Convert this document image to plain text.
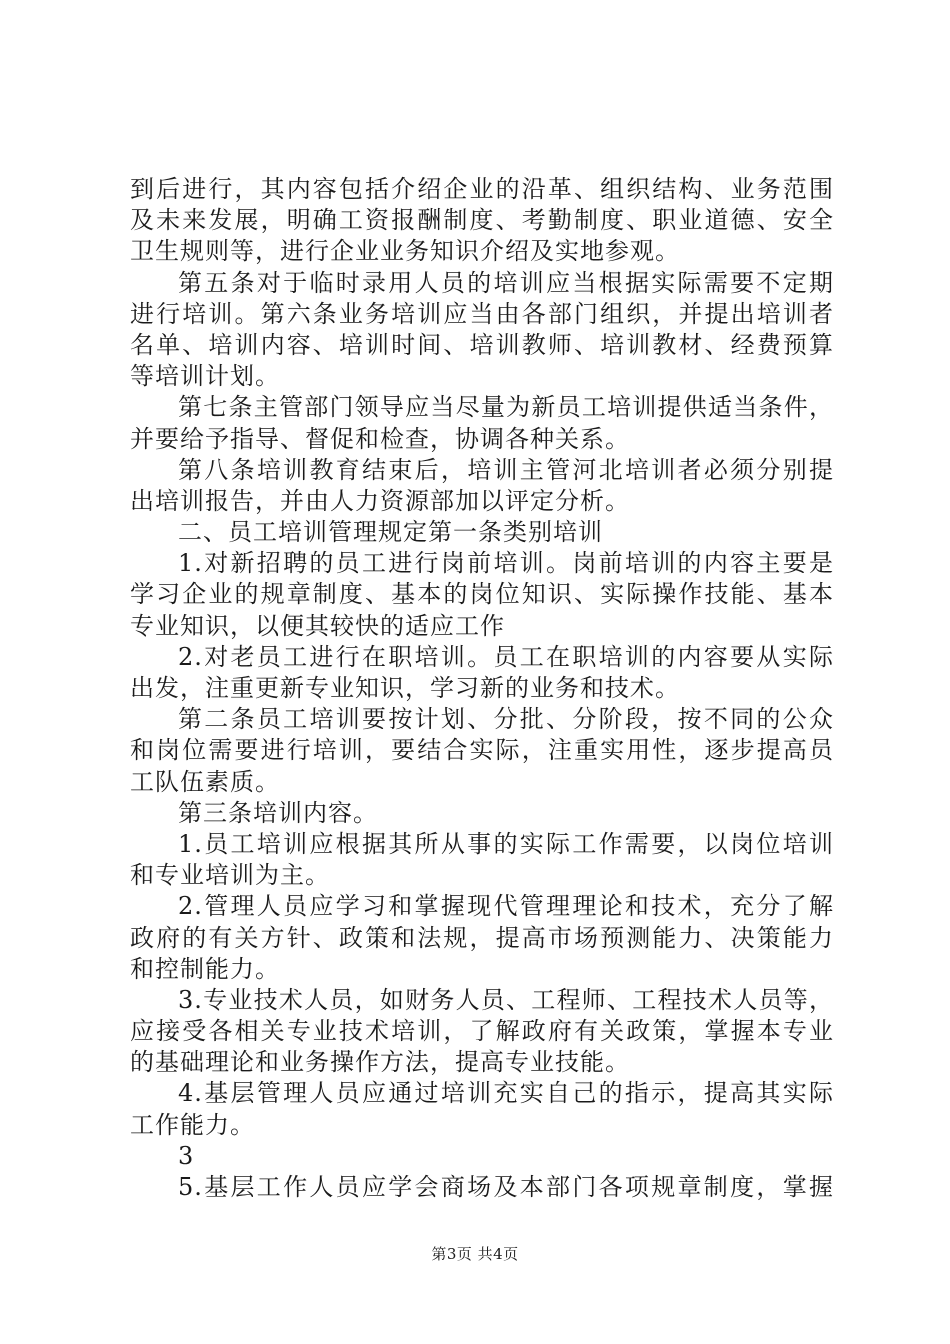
到后进行，其内容包括介绍企业的沿革、组织结构、业务范围
及未来发展，明确工资报酬制度、考勤制度、职业道德、安全
卫生规则等，进行企业业务知识介绍及实地参观。
第五条对于临时录用人员的培训应当根据实际需要不定期
进行培训。第六条业务培训应当由各部门组织，并提出培训者
名单、培训内容、培训时间、培训教师、培训教材、经费预算
等培训计划。
第七条主管部门领导应当尽量为新员工培训提供适当条件，
并要给予指导、督促和检查，协调各种关系。
第八条培训教育结束后，培训主管河北培训者必须分别提
出培训报告，并由人力资源部加以评定分析。
二、员工培训管理规定第一条类别培训
1.对新招聘的员工进行岗前培训。岗前培训的内容主要是
学习企业的规章制度、基本的岗位知识、实际操作技能、基本
专业知识，以便其较快的适应工作
2.对老员工进行在职培训。员工在职培训的内容要从实际
出发，注重更新专业知识，学习新的业务和技术。
第二条员工培训要按计划、分批、分阶段，按不同的公众
和岗位需要进行培训，要结合实际，注重实用性，逐步提高员
工队伍素质。
第三条培训内容。
1.员工培训应根据其所从事的实际工作需要，以岗位培训
和专业培训为主。
2.管理人员应学习和掌握现代管理理论和技术，充分了解
政府的有关方针、政策和法规，提高市场预测能力、决策能力
和控制能力。
3.专业技术人员，如财务人员、工程师、工程技术人员等，
应接受各相关专业技术培训，了解政府有关政策，掌握本专业
的基础理论和业务操作方法，提高专业技能。
4.基层管理人员应通过培训充实自己的指示，提高其实际
工作能力。
3
5.基层工作人员应学会商场及本部门各项规章制度，掌握
第3页 共4页
